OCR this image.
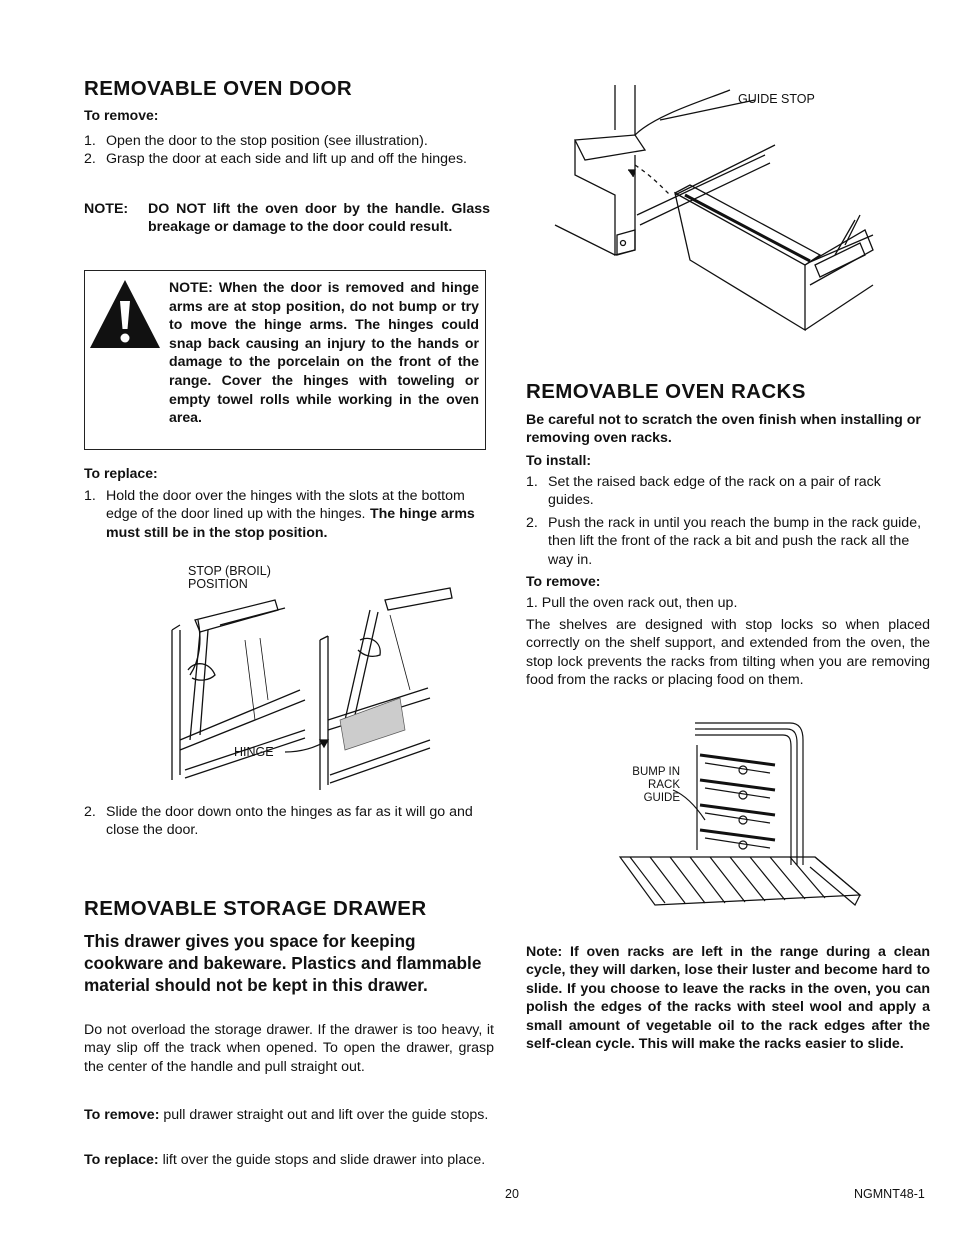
REMOVABLE OVEN DOOR
To remove:
1. Open the door to the stop position (see illustration).
2. Grasp the door at each side and lift up and off the hinges.
NOTE: DO NOT lift the oven door by the handle. Glass breakage or damage to the door could result.
NOTE: When the door is removed and hinge arms are at stop position, do not bump or try to move the hinge arms. The hinges could snap back causing an injury to the hands or damage to the porcelain on the front of the range. Cover the hinges with toweling or empty towel rolls while working in the oven area.
To replace:
1. Hold the door over the hinges with the slots at the bottom edge of the door lined up with the hinges. The hinge arms must still be in the stop position.
STOP (BROIL) POSITION
HINGE
2. Slide the door down onto the hinges as far as it will go and close the door.
REMOVABLE STORAGE DRAWER
This drawer gives you space for keeping cookware and bakeware. Plastics and flammable material should not be kept in this drawer.
Do not overload the storage drawer. If the drawer is too heavy, it may slip off the track when opened. To open the drawer, grasp the center of the handle and pull straight out.
To remove: pull drawer straight out and lift over the guide stops.
To replace: lift over the guide stops and slide drawer into place.
GUIDE STOP
REMOVABLE OVEN RACKS
Be careful not to scratch the oven finish when installing or removing oven racks.
To install:
1. Set the raised back edge of the rack on a pair of rack guides.
2. Push the rack in until you reach the bump in the rack guide, then lift the front of the rack a bit and push the rack all the way in.
To remove:
1. Pull the oven rack out, then up.
The shelves are designed with stop locks so when placed correctly on the shelf support, and extended from the oven, the stop lock prevents the racks from tilting when you are removing food from the racks or placing food on them.
BUMP IN RACK GUIDE
Note: If oven racks are left in the range during a clean cycle, they will darken, lose their luster and become hard to slide. If you choose to leave the racks in the oven, you can polish the edges of the racks with steel wool and apply a small amount of vegetable oil to the rack edges after the self-clean cycle. This will make the racks easier to slide.
20	NGMNT48-1
